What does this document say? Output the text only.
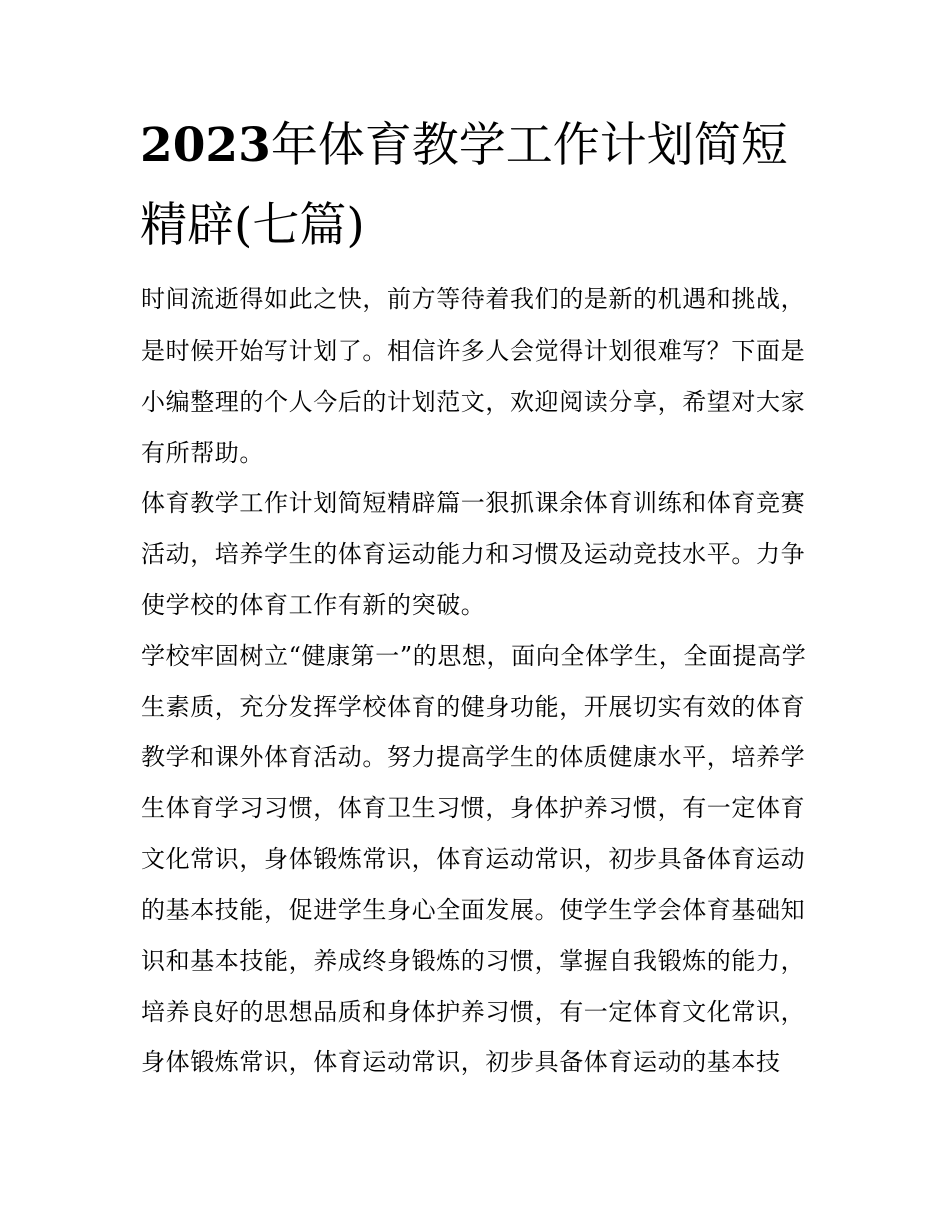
2023年体育教学工作计划简短
精辟(七篇)
时间流逝得如此之快，前方等待着我们的是新的机遇和挑战，
是时候开始写计划了。相信许多人会觉得计划很难写？下面是
小编整理的个人今后的计划范文，欢迎阅读分享，希望对大家
有所帮助。
体育教学工作计划简短精辟篇一狠抓课余体育训练和体育竞赛
活动，培养学生的体育运动能力和习惯及运动竞技水平。力争
使学校的体育工作有新的突破。
学校牢固树立“健康第一”的思想，面向全体学生，全面提高学
生素质，充分发挥学校体育的健身功能，开展切实有效的体育
教学和课外体育活动。努力提高学生的体质健康水平，培养学
生体育学习习惯，体育卫生习惯，身体护养习惯，有一定体育
文化常识，身体锻炼常识，体育运动常识，初步具备体育运动
的基本技能，促进学生身心全面发展。使学生学会体育基础知
识和基本技能，养成终身锻炼的习惯，掌握自我锻炼的能力，
培养良好的思想品质和身体护养习惯，有一定体育文化常识，
身体锻炼常识，体育运动常识，初步具备体育运动的基本技
